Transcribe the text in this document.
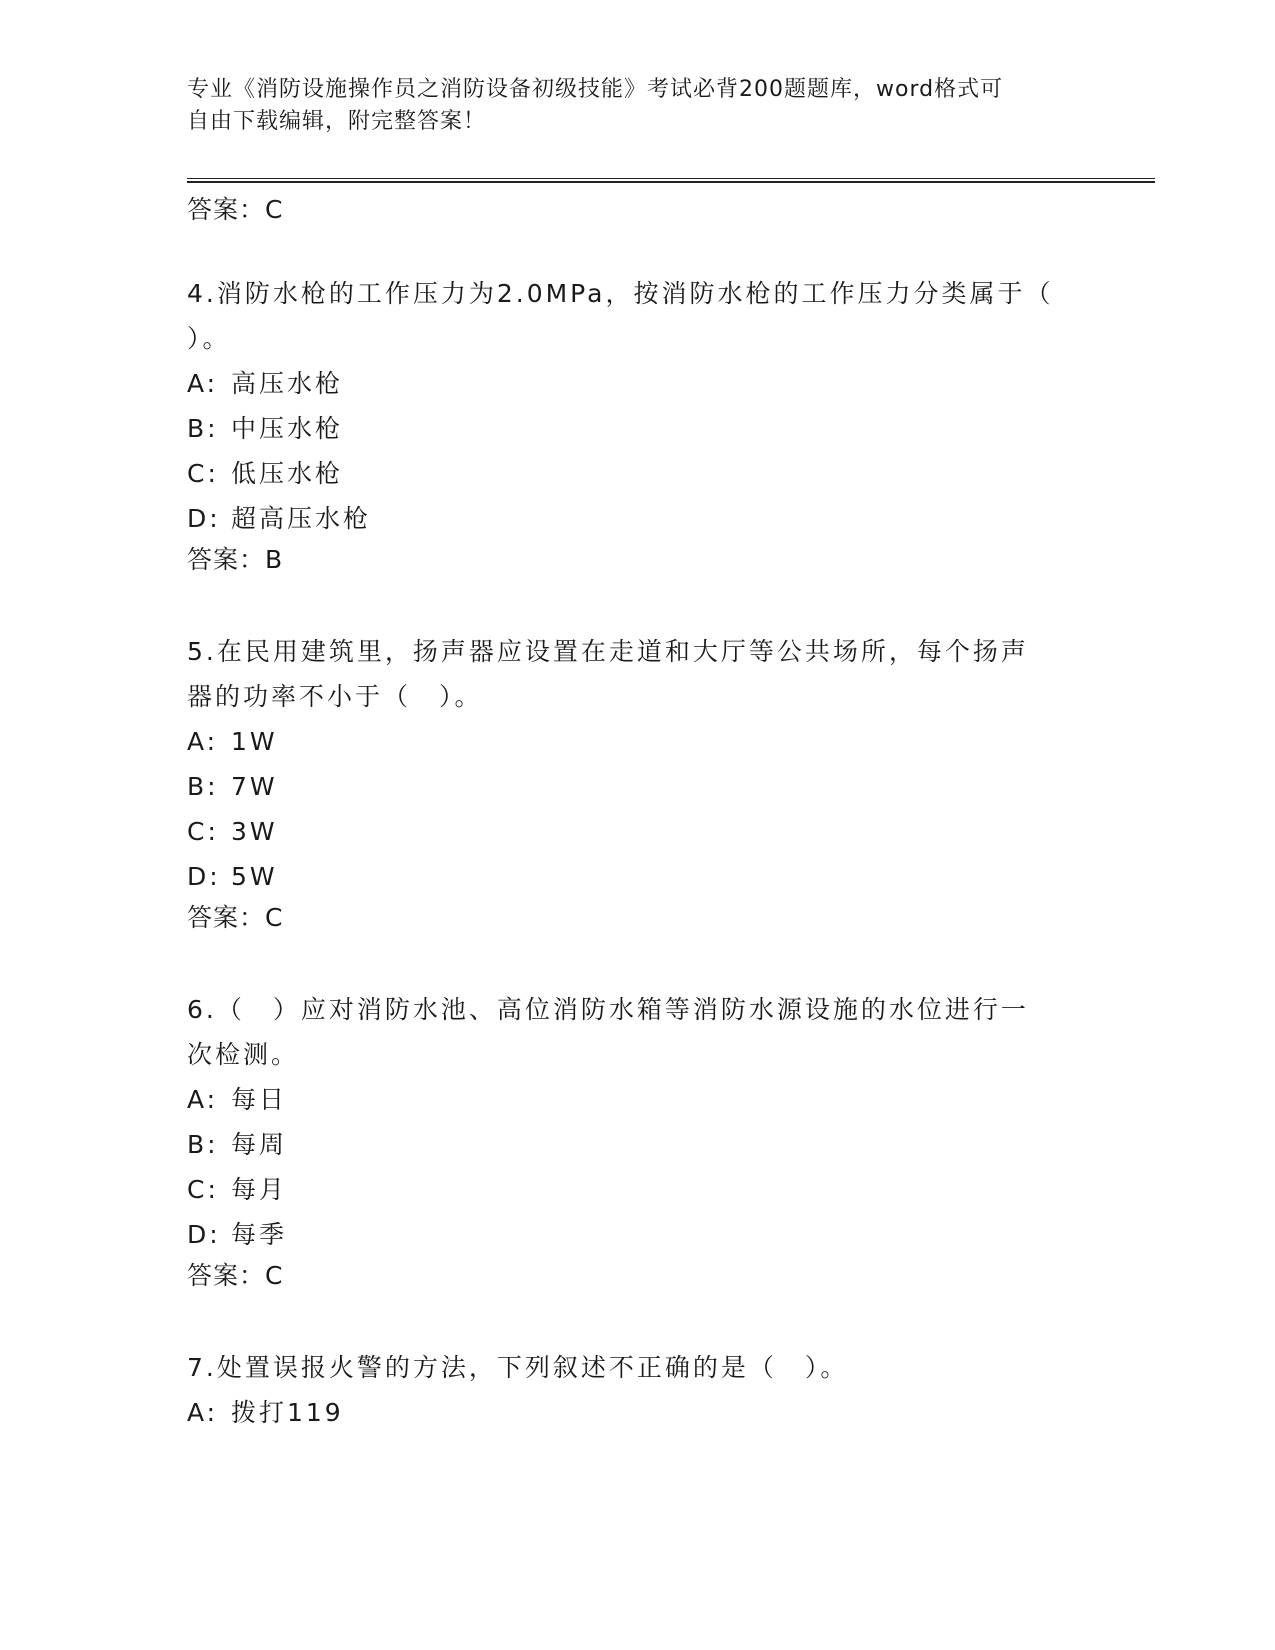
专业《消防设施操作员之消防设备初级技能》考试必背200题题库，word格式可
自由下载编辑，附完整答案！

答案：C

4.消防水枪的工作压力为2.0MPa，按消防水枪的工作压力分类属于（
）。

A: 高压水枪

B: 中压水枪

C: 低压水枪

D: 超高压水枪

答案：B

5.在民用建筑里，扬声器应设置在走道和大厅等公共场所，每个扬声
器的功率不小于（　）。

A: 1W

B: 7W

C: 3W

D: 5W

答案：C

6.（　）应对消防水池、高位消防水箱等消防水源设施的水位进行一
次检测。

A: 每日

B: 每周

C: 每月

D: 每季

答案：C

7.处置误报火警的方法，下列叙述不正确的是（　）。

A: 拨打119
